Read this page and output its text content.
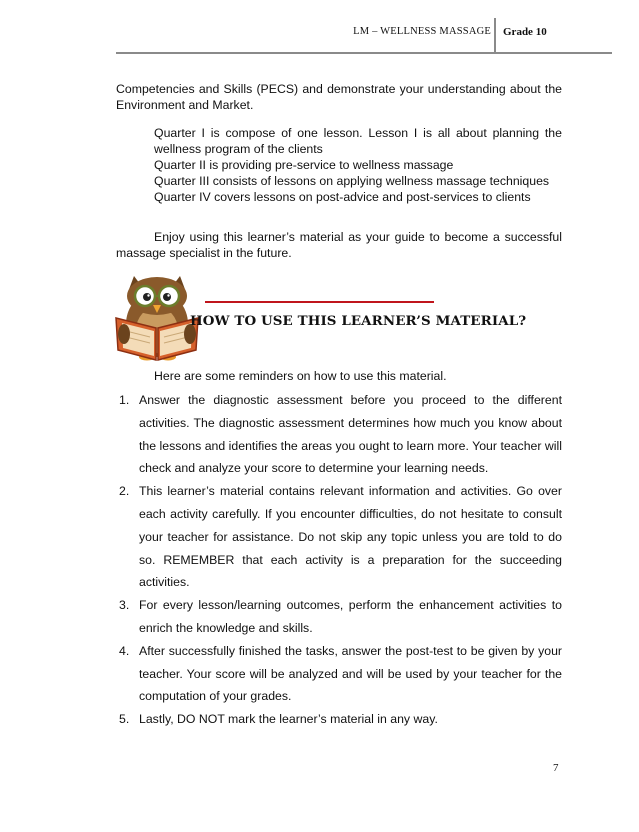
LM – WELLNESS MASSAGE Grade 10

Competencies and Skills (PECS) and demonstrate your understanding about the Environment and Market.

Quarter I is compose of one lesson. Lesson I is all about planning the wellness program of the clients

Quarter II is providing pre-service to wellness massage

Quarter III consists of lessons on applying wellness massage techniques

Quarter IV covers lessons on post-advice and post-services to clients

Enjoy using this learner’s material as your guide to become a successful massage specialist in the future.

HOW TO USE THIS LEARNER’S MATERIAL?

Here are some reminders on how to use this material.

1. Answer the diagnostic assessment before you proceed to the different activities. The diagnostic assessment determines how much you know about the lessons and identifies the areas you ought to learn more. Your teacher will check and analyze your score to determine your learning needs.
2. This learner’s material contains relevant information and activities. Go over each activity carefully. If you encounter difficulties, do not hesitate to consult your teacher for assistance. Do not skip any topic unless you are told to do so. REMEMBER that each activity is a preparation for the succeeding activities.
3. For every lesson/learning outcomes, perform the enhancement activities to enrich the knowledge and skills.
4. After successfully finished the tasks, answer the post-test to be given by your teacher. Your score will be analyzed and will be used by your teacher for the computation of your grades.
5. Lastly, DO NOT mark the learner’s material in any way.
7
